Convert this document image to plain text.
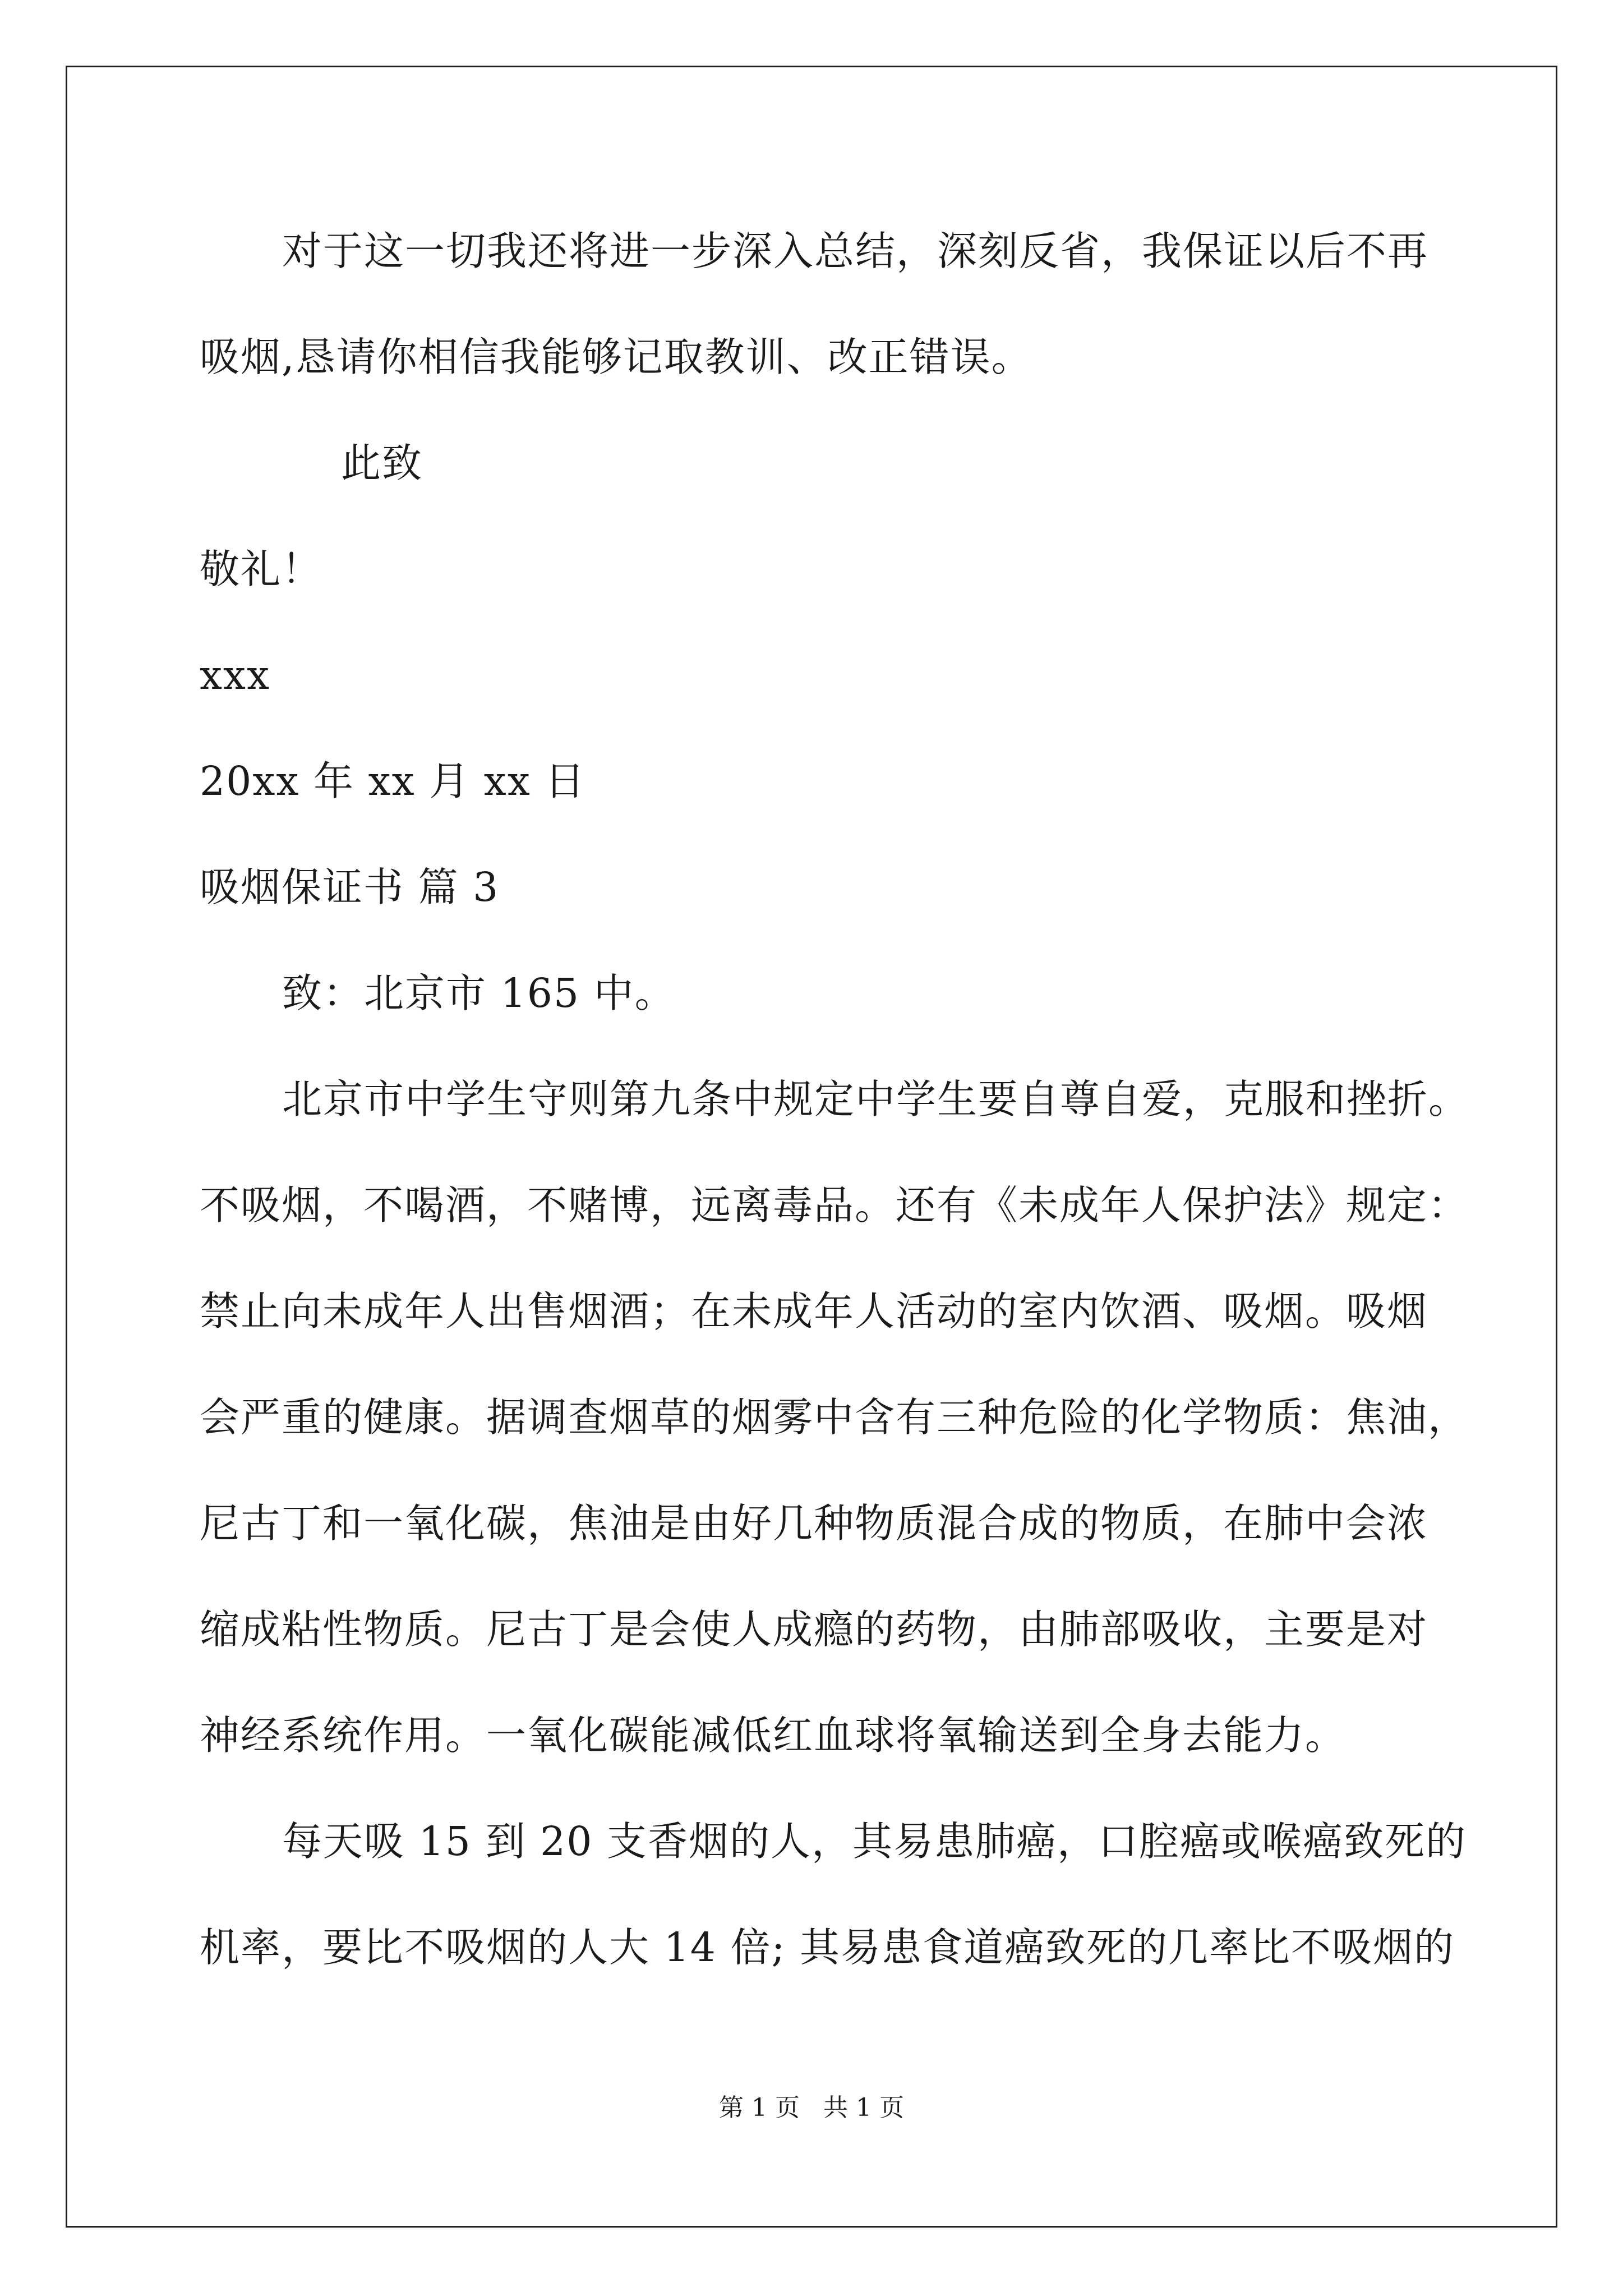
对于这一切我还将进一步深入总结，深刻反省，我保证以后不再
吸烟,恳请你相信我能够记取教训、改正错误。
此致
敬礼！
xxx
20xx 年 xx 月 xx 日
吸烟保证书 篇 3
致：北京市 165 中。
北京市中学生守则第九条中规定中学生要自尊自爱，克服和挫折。
不吸烟，不喝酒，不赌博，远离毒品。还有《未成年人保护法》规定：
禁止向未成年人出售烟酒；在未成年人活动的室内饮酒、吸烟。吸烟
会严重的健康。据调查烟草的烟雾中含有三种危险的化学物质：焦油，
尼古丁和一氧化碳，焦油是由好几种物质混合成的物质，在肺中会浓
缩成粘性物质。尼古丁是会使人成瘾的药物，由肺部吸收，主要是对
神经系统作用。一氧化碳能减低红血球将氧输送到全身去能力。
每天吸 15 到 20 支香烟的人，其易患肺癌，口腔癌或喉癌致死的
机率，要比不吸烟的人大 14 倍; 其易患食道癌致死的几率比不吸烟的
第 1 页   共 1 页
